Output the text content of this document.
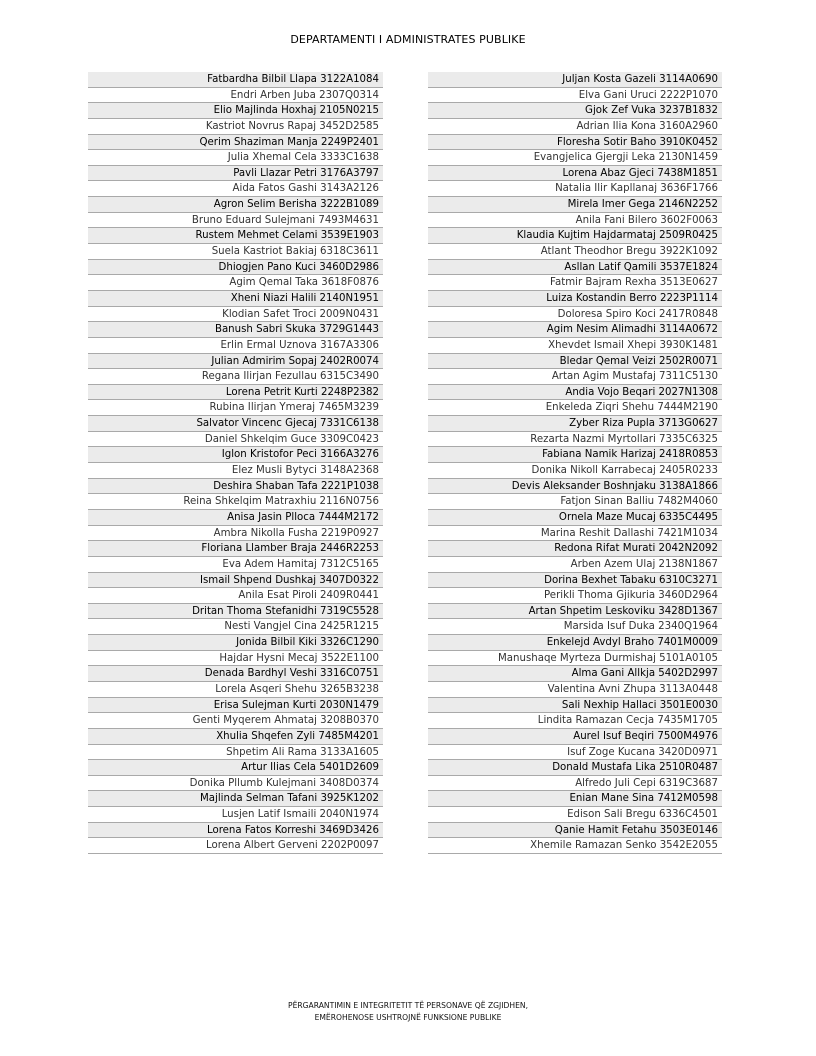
DEPARTAMENTI I ADMINISTRATES PUBLIKE
Fatbardha Bilbil Llapa 3122A1084
Endri Arben Juba 2307Q0314
Elio Majlinda Hoxhaj 2105N0215
Kastriot Novrus Rapaj 3452D2585
Qerim Shaziman Manja 2249P2401
Julia Xhemal Cela 3333C1638
Pavli Llazar Petri 3176A3797
Aida Fatos Gashi 3143A2126
Agron Selim Berisha 3222B1089
Bruno Eduard Sulejmani 7493M4631
Rustem Mehmet Celami 3539E1903
Suela Kastriot Bakiaj 6318C3611
Dhiogjen Pano Kuci 3460D2986
Agim Qemal Taka 3618F0876
Xheni Niazi Halili 2140N1951
Klodian Safet Troci 2009N0431
Banush Sabri Skuka 3729G1443
Erlin Ermal Uznova 3167A3306
Julian Admirim Sopaj 2402R0074
Regana Ilirjan Fezullau 6315C3490
Lorena Petrit Kurti 2248P2382
Rubina Ilirjan Ymeraj 7465M3239
Salvator Vincenc Gjecaj 7331C6138
Daniel Shkelqim Guce 3309C0423
Iglon Kristofor Peci 3166A3276
Elez Musli Bytyci 3148A2368
Deshira Shaban Tafa 2221P1038
Reina Shkelqim Matraxhiu 2116N0756
Anisa Jasin Plloca 7444M2172
Ambra Nikolla Fusha 2219P0927
Floriana Llamber Braja 2446R2253
Eva Adem Hamitaj 7312C5165
Ismail Shpend Dushkaj 3407D0322
Anila Esat Piroli 2409R0441
Dritan Thoma Stefanidhi 7319C5528
Nesti Vangjel Cina 2425R1215
Jonida Bilbil Kiki 3326C1290
Hajdar Hysni Mecaj 3522E1100
Denada Bardhyl Veshi 3316C0751
Lorela Asqeri Shehu 3265B3238
Erisa Sulejman Kurti 2030N1479
Genti Myqerem Ahmataj 3208B0370
Xhulia Shqefen Zyli 7485M4201
Shpetim Ali Rama 3133A1605
Artur Ilias Cela 5401D2609
Donika Pllumb Kulejmani 3408D0374
Majlinda Selman Tafani 3925K1202
Lusjen Latif Ismaili 2040N1974
Lorena Fatos Korreshi 3469D3426
Lorena Albert Gerveni 2202P0097
Juljan Kosta Gazeli 3114A0690
Elva Gani Uruci 2222P1070
Gjok Zef Vuka 3237B1832
Adrian Ilia Kona 3160A2960
Floresha Sotir Baho 3910K0452
Evangjelica Gjergji Leka 2130N1459
Lorena Abaz Gjeci 7438M1851
Natalia Ilir Kapllanaj 3636F1766
Mirela Imer Gega 2146N2252
Anila Fani Bilero 3602F0063
Klaudia Kujtim Hajdarmataj 2509R0425
Atlant Theodhor Bregu 3922K1092
Asllan Latif Qamili 3537E1824
Fatmir Bajram Rexha 3513E0627
Luiza Kostandin Berro 2223P1114
Doloresa Spiro Koci 2417R0848
Agim Nesim Alimadhi 3114A0672
Xhevdet Ismail Xhepi 3930K1481
Bledar Qemal Veizi 2502R0071
Artan Agim Mustafaj 7311C5130
Andia Vojo Beqari 2027N1308
Enkeleda Ziqri Shehu 7444M2190
Zyber Riza Pupla 3713G0627
Rezarta Nazmi Myrtollari 7335C6325
Fabiana Namik Harizaj 2418R0853
Donika Nikoll Karrabecaj 2405R0233
Devis Aleksander Boshnjaku 3138A1866
Fatjon Sinan Balliu 7482M4060
Ornela Maze Mucaj 6335C4495
Marina Reshit Dallashi 7421M1034
Redona Rifat Murati 2042N2092
Arben Azem Ulaj 2138N1867
Dorina Bexhet Tabaku 6310C3271
Perikli Thoma Gjikuria 3460D2964
Artan Shpetim Leskoviku 3428D1367
Marsida Isuf Duka 2340Q1964
Enkelejd Avdyl Braho 7401M0009
Manushaqe Myrteza Durmishaj 5101A0105
Alma Gani Allkja 5402D2997
Valentina Avni Zhupa 3113A0448
Sali Nexhip Hallaci 3501E0030
Lindita Ramazan Cecja 7435M1705
Aurel Isuf Beqiri 7500M4976
Isuf Zoge Kucana 3420D0971
Donald Mustafa Lika 2510R0487
Alfredo Juli Cepi 6319C3687
Enian Mane Sina 7412M0598
Edison Sali Bregu 6336C4501
Qanie Hamit Fetahu 3503E0146
Xhemile Ramazan Senko 3542E2055
PËRGARANTIMIN E INTEGRITETIT TË PERSONAVE QË ZGJIDHEN,
EMËROHENOSE USHTROJNË FUNKSIONE PUBLIKE
